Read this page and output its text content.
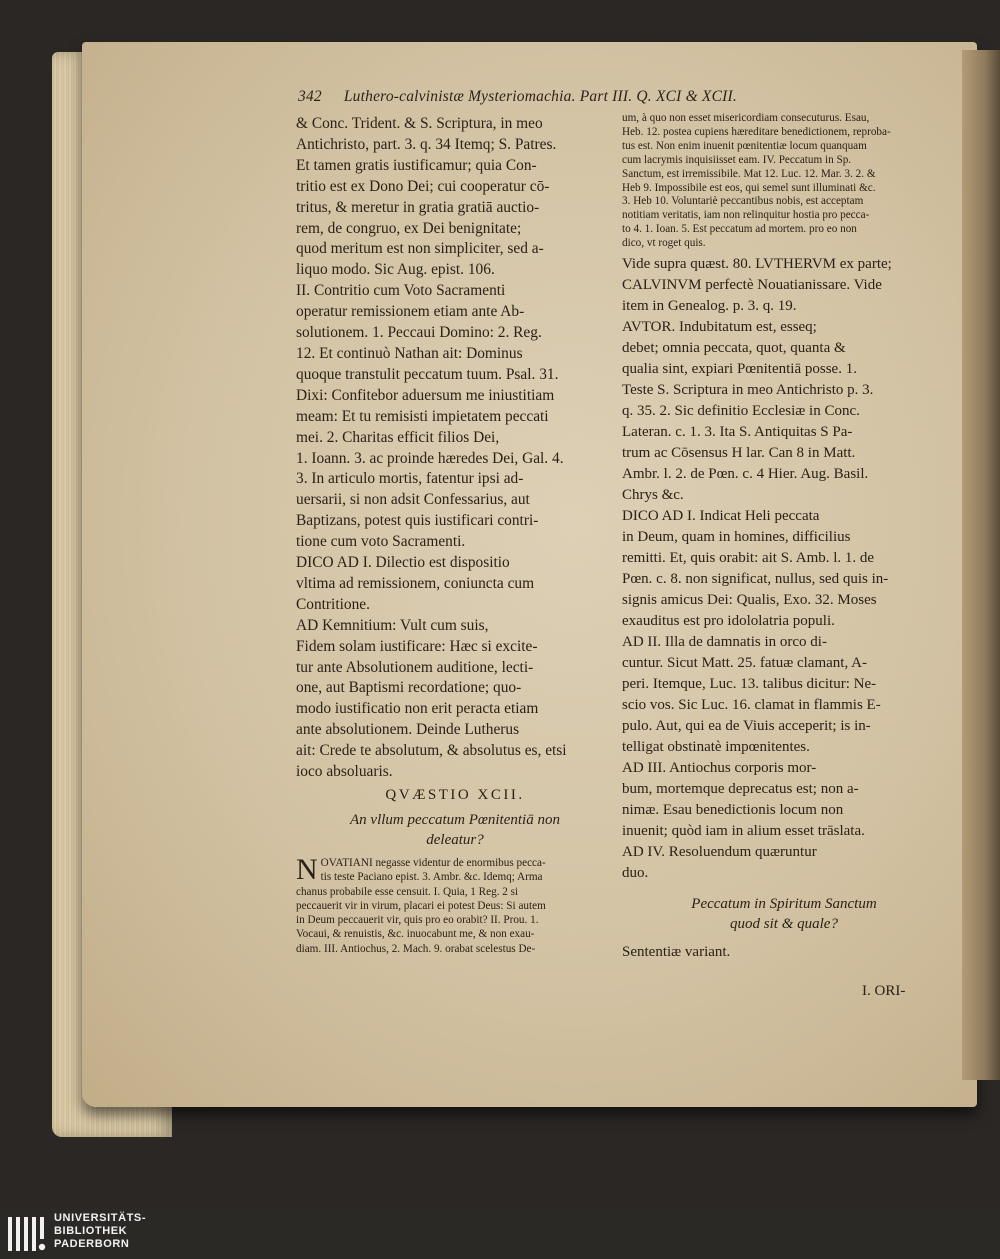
342 Luthero-calvinistæ Mysteriomachia. Part III. Q. XCI & XCII.

& Conc. Trident. & S. Scriptura, in meo

Antichristo, part. 3. q. 34 Itemq; S. Patres.

Et tamen gratis iustificamur; quia Con-

tritio est ex Dono Dei; cui cooperatur cō-

tritus, & meretur in gratia gratiā auctio-

rem, de congruo, ex Dei benignitate;

quod meritum est non simpliciter, sed a-

liquo modo. Sic Aug. epist. 106.

II. Contritio cum Voto Sacramenti

operatur remissionem etiam ante Ab-

solutionem. 1. Peccaui Domino: 2. Reg.

12. Et continuò Nathan ait: Dominus

quoque transtulit peccatum tuum. Psal. 31.

Dixi: Confitebor aduersum me iniustitiam

meam: Et tu remisisti impietatem peccati

mei. 2. Charitas efficit filios Dei,

1. Ioann. 3. ac proinde hæredes Dei, Gal. 4.

3. In articulo mortis, fatentur ipsi ad-

uersarii, si non adsit Confessarius, aut

Baptizans, potest quis iustificari contri-

tione cum voto Sacramenti.

DICO AD I. Dilectio est dispositio

vltima ad remissionem, coniuncta cum

Contritione.

AD Kemnitium: Vult cum suis,

Fidem solam iustificare: Hæc si excite-

tur ante Absolutionem auditione, lecti-

one, aut Baptismi recordatione; quo-

modo iustificatio non erit peracta etiam

ante absolutionem. Deinde Lutherus

ait: Crede te absolutum, & absolutus es, etsi

ioco absoluaris.

QVÆSTIO XCII.

An vllum peccatum Pœnitentiā non
deleatur?

N OVATIANI negasse videntur de enormibus pecca-

tis teste Paciano epist. 3. Ambr. &c. Idemq; Arma

chanus probabile esse censuit. I. Quia, 1 Reg. 2 si

peccauerit vir in virum, placari ei potest Deus: Si autem

in Deum peccauerit vir, quis pro eo orabit? II. Prou. 1.

Vocaui, & renuistis, &c. inuocabunt me, & non exau-

diam. III. Antiochus, 2. Mach. 9. orabat scelestus De-

um, à quo non esset misericordiam consecuturus. Esau,

Heb. 12. postea cupiens hæreditare benedictionem, reproba-

tus est. Non enim inuenit pœnitentiæ locum quanquam

cum lacrymis inquisiisset eam. IV. Peccatum in Sp.

Sanctum, est irremissibile. Mat 12. Luc. 12. Mar. 3. 2. &

Heb 9. Impossibile est eos, qui semel sunt illuminati &c.

3. Heb 10. Voluntariè peccantibus nobis, est acceptam

notitiam veritatis, iam non relinquitur hostia pro pecca-

to 4. 1. Ioan. 5. Est peccatum ad mortem. pro eo non

dico, vt roget quis.

Vide supra quæst. 80. LVTHERVM ex parte;

CALVINVM perfectè Nouatianissare. Vide

item in Genealog. p. 3. q. 19.

AVTOR. Indubitatum est, esseq;

debet; omnia peccata, quot, quanta &

qualia sint, expiari Pœnitentiā posse. 1.

Teste S. Scriptura in meo Antichristo p. 3.

q. 35. 2. Sic definitio Ecclesiæ in Conc.

Lateran. c. 1. 3. Ita S. Antiquitas S Pa-

trum ac Cōsensus H lar. Can 8 in Matt.

Ambr. l. 2. de Pœn. c. 4 Hier. Aug. Basil.

Chrys &c.

DICO AD I. Indicat Heli peccata

in Deum, quam in homines, difficilius

remitti. Et, quis orabit: ait S. Amb. l. 1. de

Pœn. c. 8. non significat, nullus, sed quis in-

signis amicus Dei: Qualis, Exo. 32. Moses

exauditus est pro idololatria populi.

AD II. Illa de damnatis in orco di-

cuntur. Sicut Matt. 25. fatuæ clamant, A-

peri. Itemque, Luc. 13. talibus dicitur: Ne-

scio vos. Sic Luc. 16. clamat in flammis E-

pulo. Aut, qui ea de Viuis acceperit; is in-

telligat obstinatè impœnitentes.

AD III. Antiochus corporis mor-

bum, mortemque deprecatus est; non a-

nimæ. Esau benedictionis locum non

inuenit; quòd iam in alium esset trāslata.

AD IV. Resoluendum quæruntur

duo.

Peccatum in Spiritum Sanctum
quod sit & quale?

Sententiæ variant.

I. ORI-
UNIVERSITÄTS-
BIBLIOTHEK
PADERBORN
